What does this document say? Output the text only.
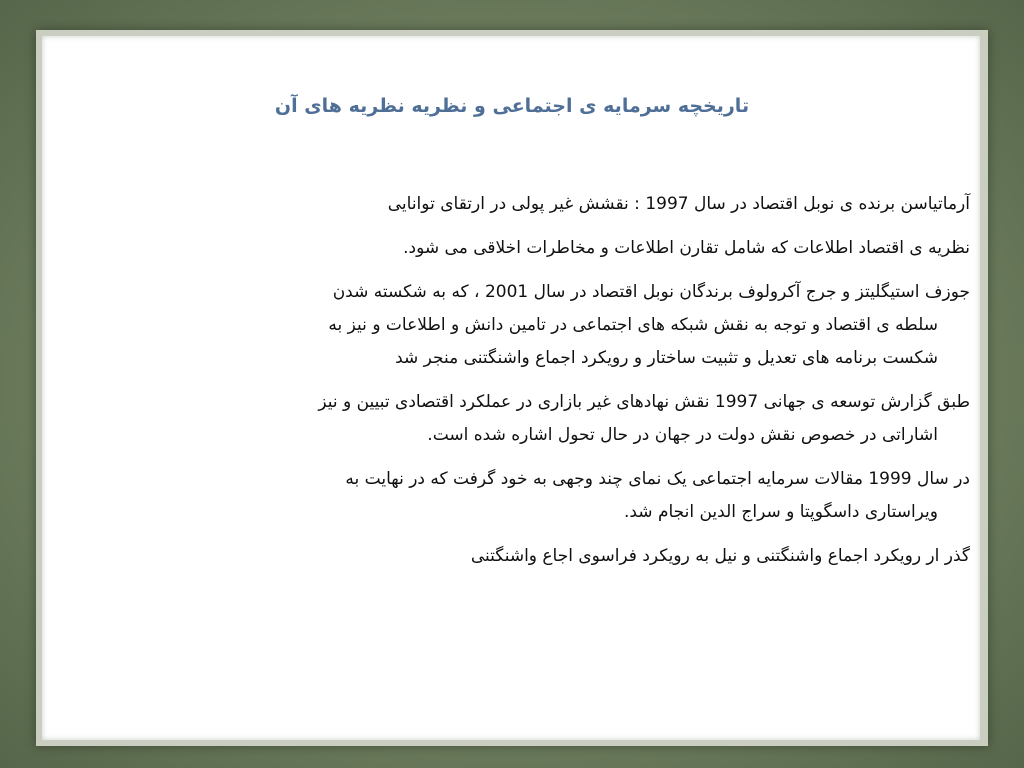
تاریخچه سرمایه ی اجتماعی و نظریه نظریه های آن

آرماتیاسن برنده ی نوبل اقتصاد در سال 1997 : نقشش غیر پولی در ارتقای توانایی

نظریه ی اقتصاد اطلاعات که شامل تقارن اطلاعات و مخاطرات اخلاقی می شود.

جوزف استیگلیتز و جرج آکرولوف برندگان نوبل اقتصاد در سال 2001 ، که به شکسته شدن
سلطه ی اقتصاد و توجه به نقش شبکه های اجتماعی در تامین دانش و اطلاعات و نیز به
شکست برنامه های تعدیل و تثبیت ساختار و رویکرد اجماع واشنگتنی منجر شد

طبق گزارش توسعه ی جهانی 1997 نقش نهادهای غیر بازاری در عملکرد اقتصادی تبیین و نیز
اشاراتی در خصوص نقش دولت در جهان در حال تحول اشاره شده است.

در سال 1999 مقالات سرمایه اجتماعی یک نمای چند وجهی به خود گرفت که در نهایت به
ویراستاری داسگوپتا و سراج الدین انجام شد.

گذر ار رویکرد اجماع واشنگتنی و نیل به رویکرد فراسوی اجاع واشنگتنی
